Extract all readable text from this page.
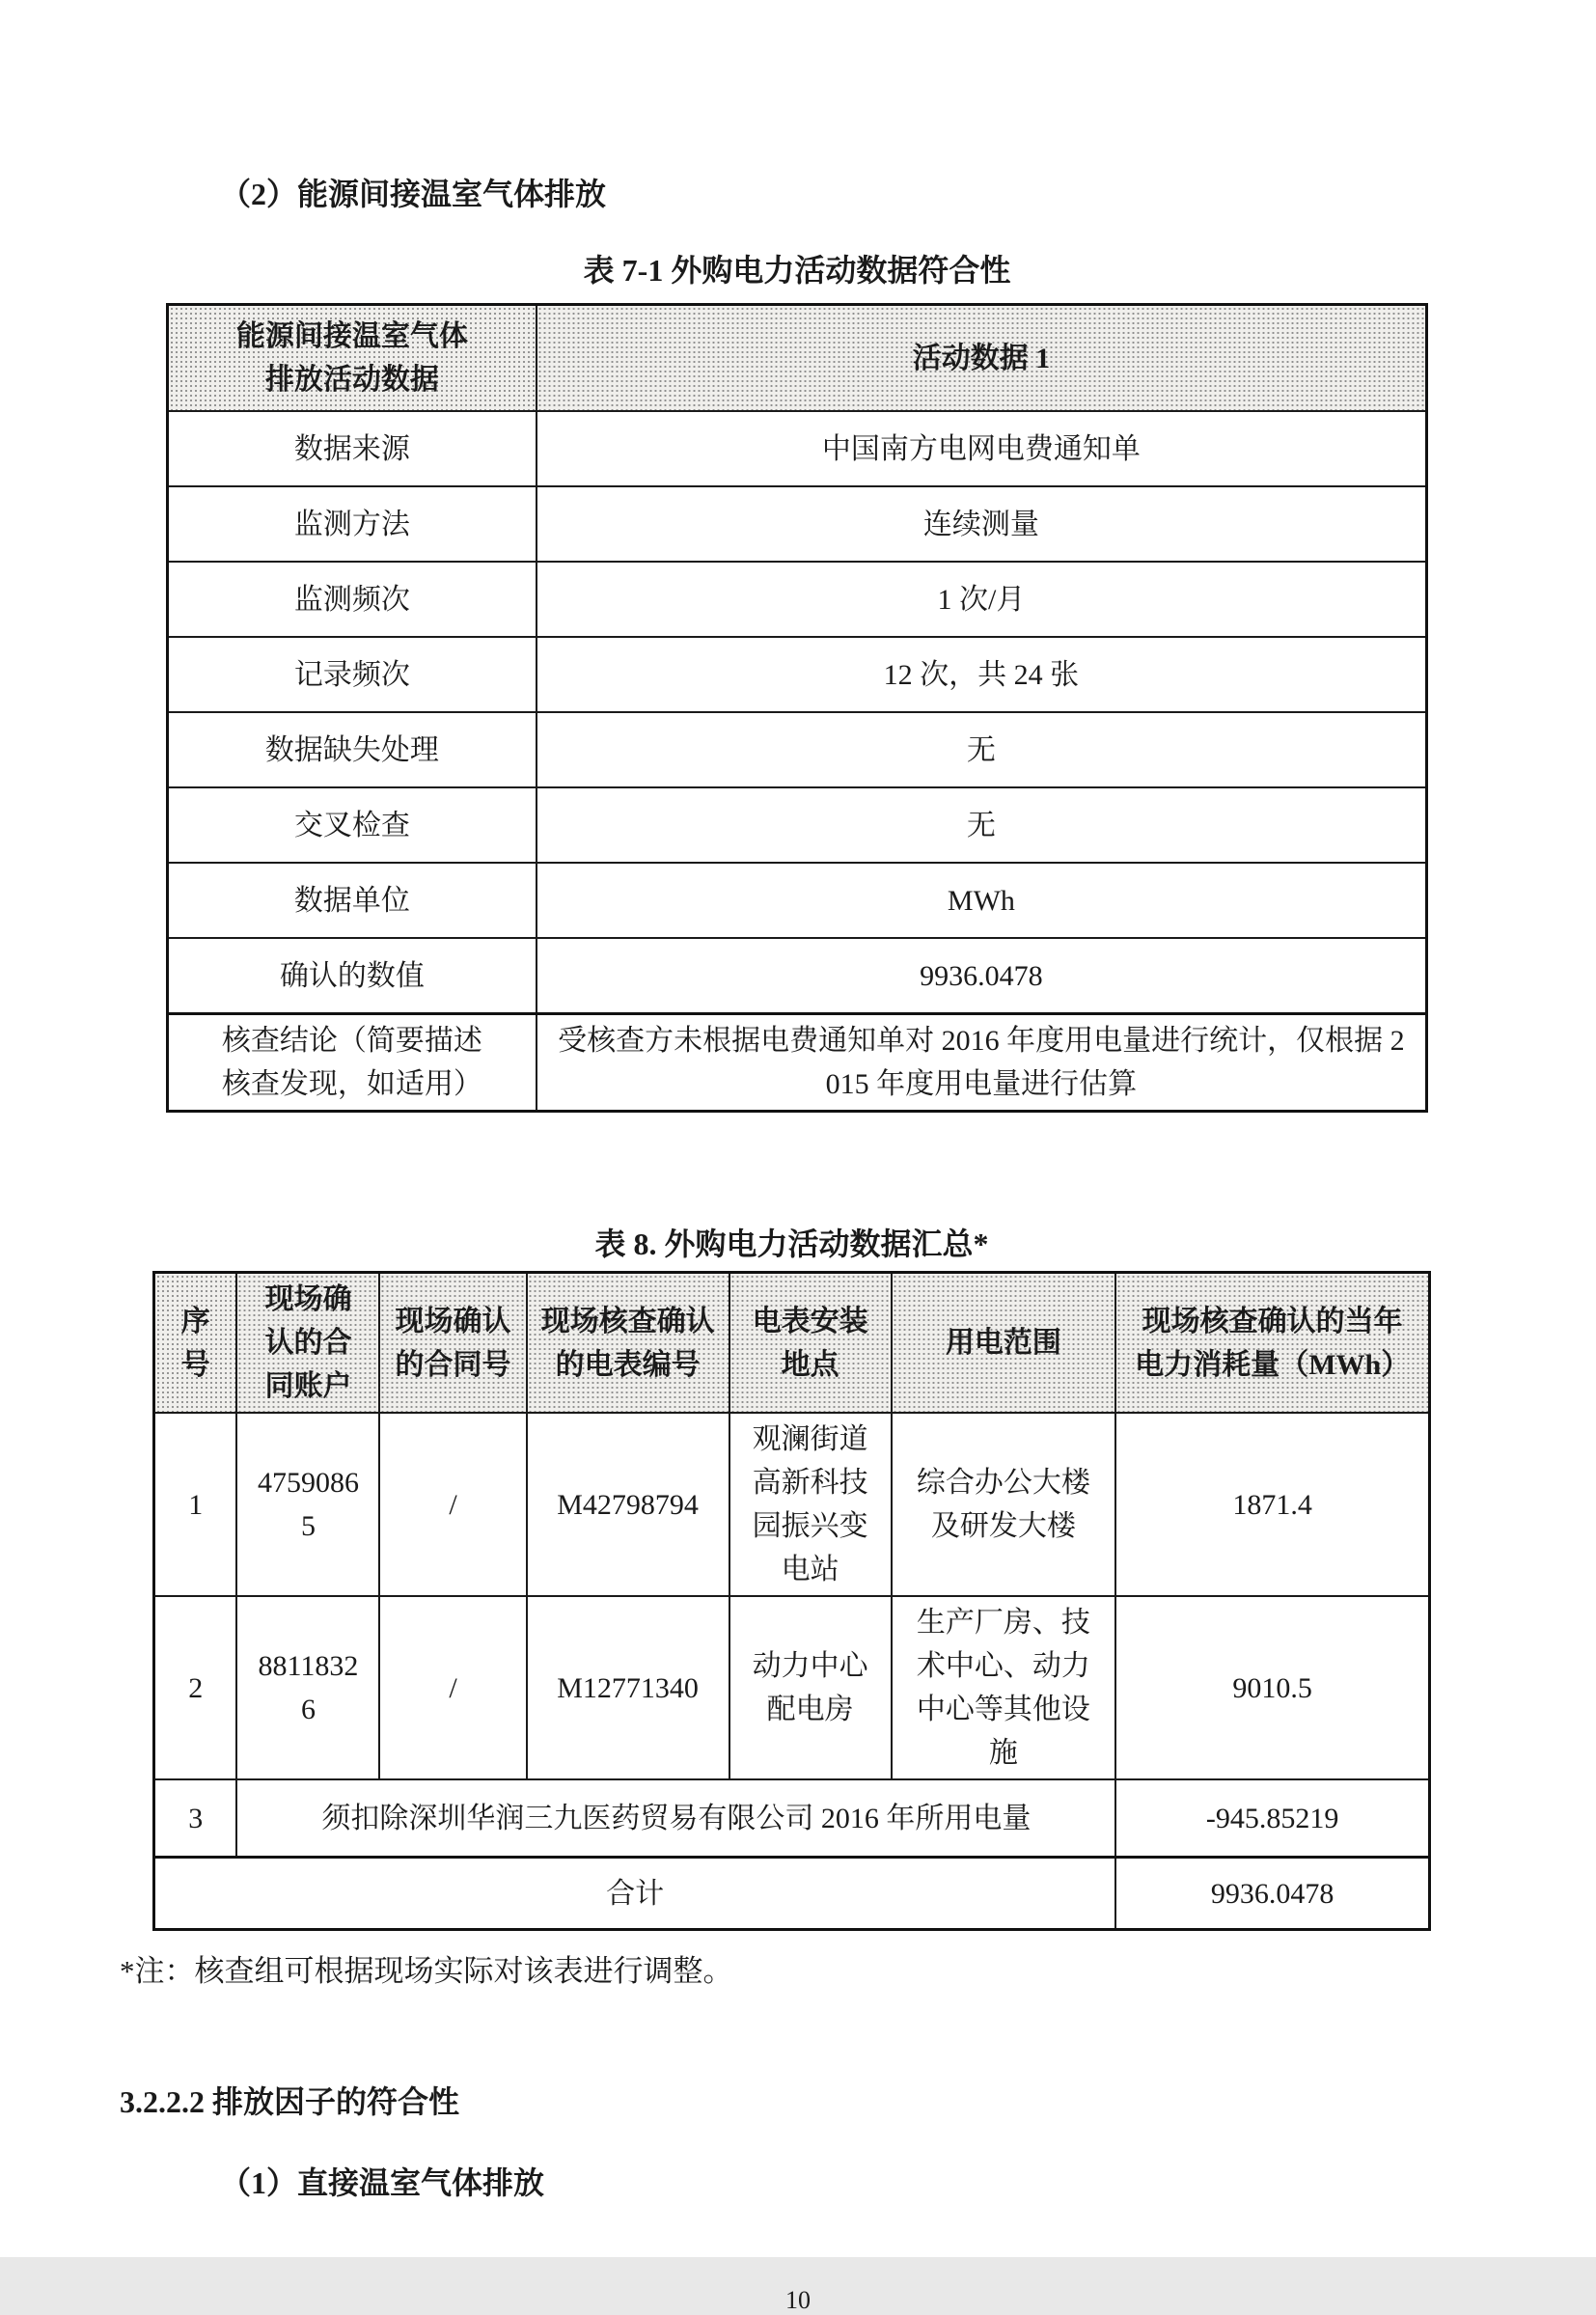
（2）能源间接温室气体排放
表 7-1 外购电力活动数据符合性
能源间接温室气体排放活动数据	活动数据 1
数据来源	中国南方电网电费通知单
监测方法	连续测量
监测频次	1 次/月
记录频次	12 次，共 24 张
数据缺失处理	无
交叉检查	无
数据单位	MWh
确认的数值	9936.0478
核查结论（简要描述核查发现，如适用）	受核查方未根据电费通知单对 2016 年度用电量进行统计，仅根据 2015 年度用电量进行估算
表 8. 外购电力活动数据汇总*
序号	现场确认的合同账户	现场确认的合同号	现场核查确认的电表编号	电表安装地点	用电范围	现场核查确认的当年电力消耗量（MWh）
1	47590865	/	M42798794	观澜街道高新科技园振兴变电站	综合办公大楼及研发大楼	1871.4
2	88118326	/	M12771340	动力中心配电房	生产厂房、技术中心、动力中心等其他设施	9010.5
3	须扣除深圳华润三九医药贸易有限公司 2016 年所用电量					-945.85219
合计						9936.0478
*注：核查组可根据现场实际对该表进行调整。
3.2.2.2 排放因子的符合性
（1）直接温室气体排放
10
